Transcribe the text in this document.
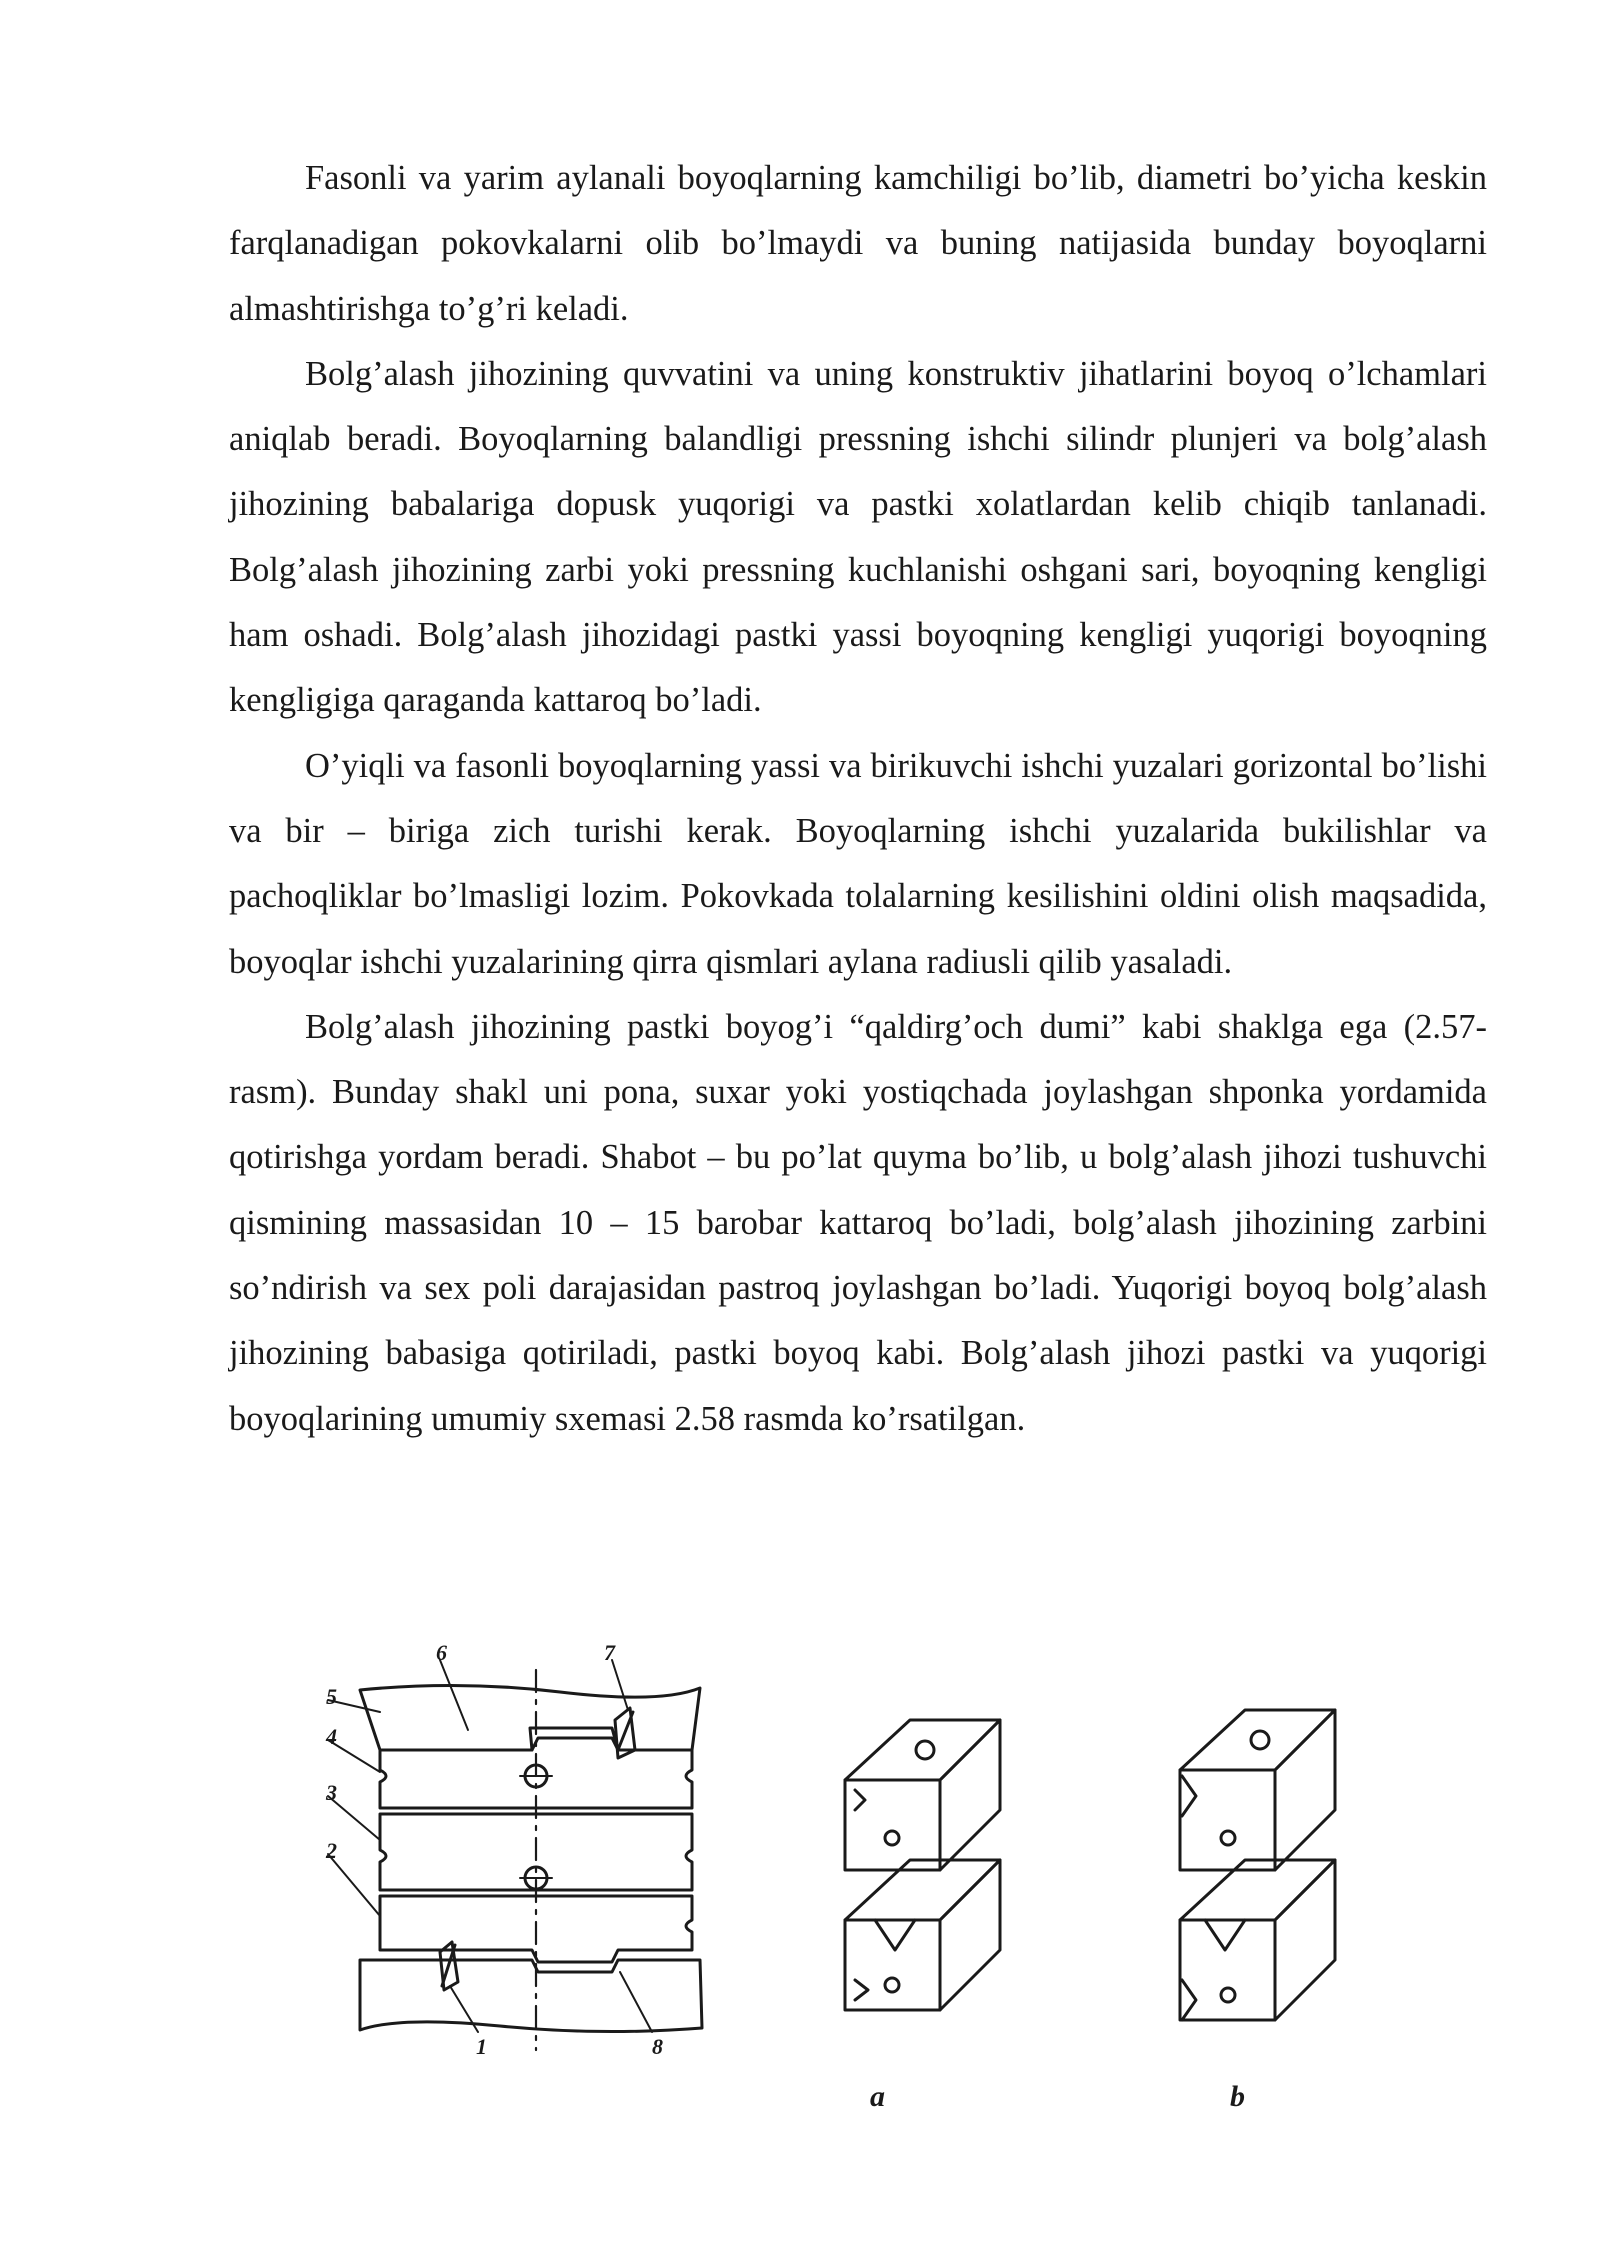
Fasonli va yarim aylanali boyoqlarning kamchiligi bo’lib, diametri bo’yicha keskin farqlanadigan pokovkalarni olib bo’lmaydi va buning natijasida bunday boyoqlarni almashtirishga to’g’ri keladi.

Bolg’alash jihozining quvvatini va uning konstruktiv jihatlarini boyoq o’lchamlari aniqlab beradi. Boyoqlarning balandligi pressning ishchi silindr plunjeri va bolg’alash jihozining babalariga dopusk yuqorigi va pastki xolatlardan kelib chiqib tanlanadi. Bolg’alash jihozining zarbi yoki pressning kuchlanishi oshgani sari, boyoqning kengligi ham oshadi. Bolg’alash jihozidagi pastki yassi boyoqning kengligi yuqorigi boyoqning kengligiga qaraganda kattaroq bo’ladi.

O’yiqli va fasonli boyoqlarning yassi va birikuvchi ishchi yuzalari gorizontal bo’lishi va bir – biriga zich turishi kerak. Boyoqlarning ishchi yuzalarida bukilishlar va pachoqliklar bo’lmasligi lozim. Pokovkada tolalarning kesilishini oldini olish maqsadida, boyoqlar ishchi yuzalarining qirra qismlari aylana radiusli qilib yasaladi.

Bolg’alash jihozining pastki boyog’i “qaldirg’och dumi” kabi shaklga ega (2.57-rasm). Bunday shakl uni pona, suxar yoki yostiqchada joylashgan shponka yordamida qotirishga yordam beradi. Shabot – bu po’lat quyma bo’lib, u bolg’alash jihozi tushuvchi qismining massasidan 10 – 15 barobar kattaroq bo’ladi, bolg’alash jihozining zarbini so’ndirish va sex poli darajasidan pastroq joylashgan bo’ladi. Yuqorigi boyoq bolg’alash jihozining babasiga qotiriladi, pastki boyoq kabi. Bolg’alash jihozi pastki va yuqorigi boyoqlarining umumiy sxemasi 2.58 rasmda ko’rsatilgan.

6	7
5
4
3
2
1	8
a	b
